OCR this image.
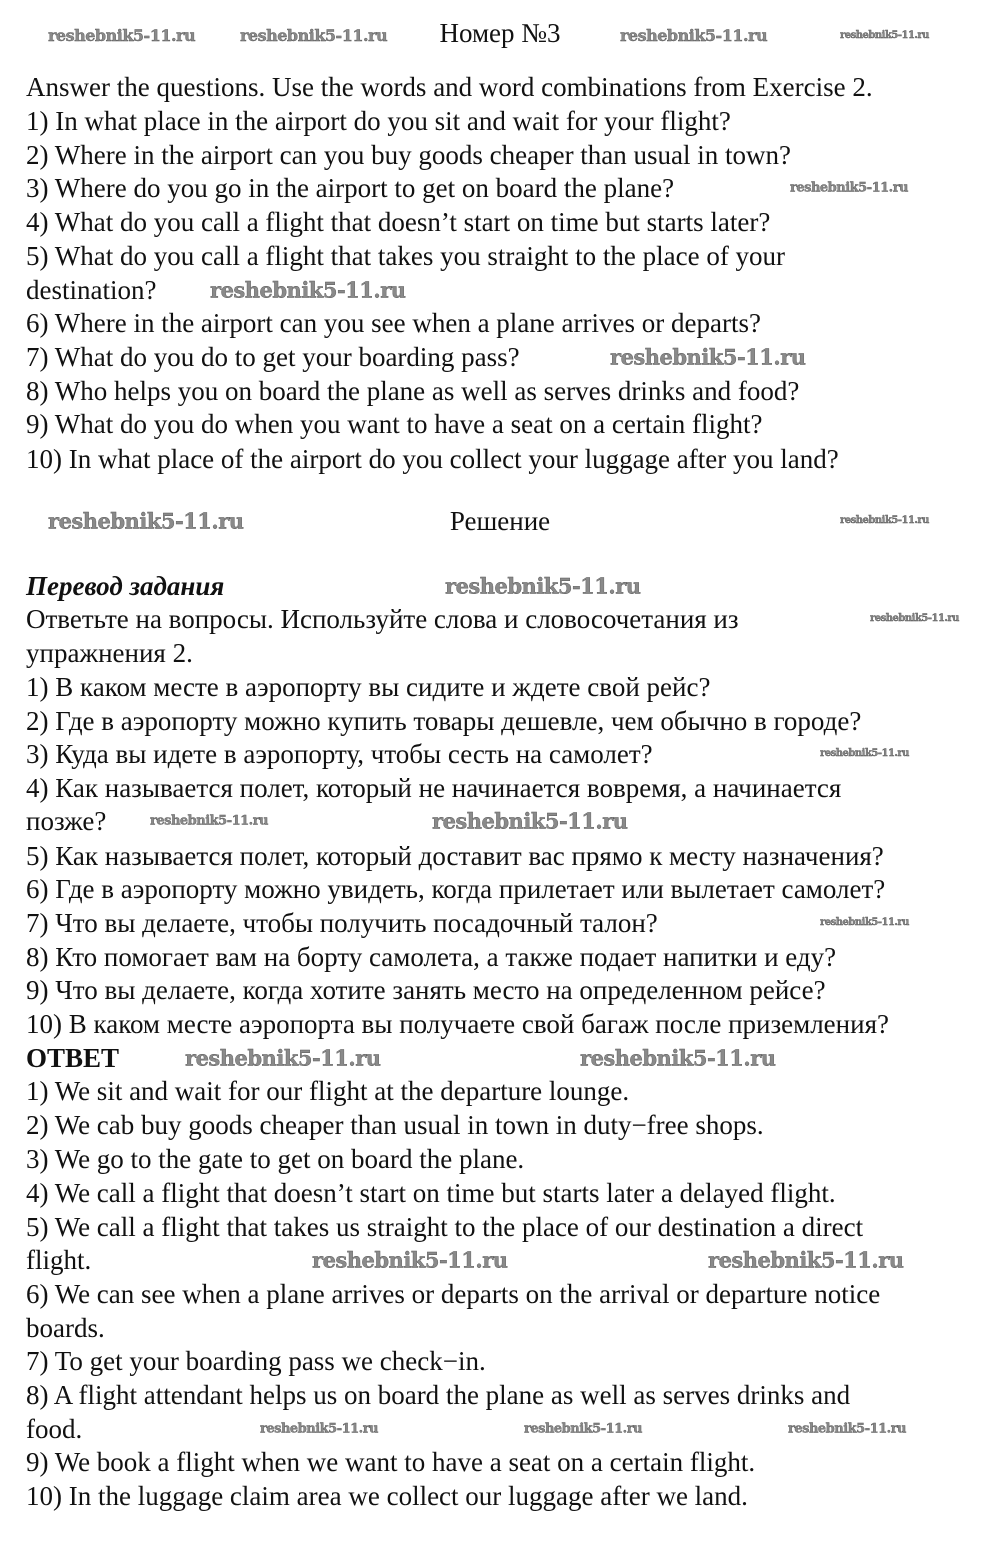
Номер №3
Answer the questions. Use the words and word combinations from Exercise 2.
1) In what place in the airport do you sit and wait for your flight?
2) Where in the airport can you buy goods cheaper than usual in town?
3) Where do you go in the airport to get on board the plane?
4) What do you call a flight that doesn’t start on time but starts later?
5) What do you call a flight that takes you straight to the place of your
destination?
6) Where in the airport can you see when a plane arrives or departs?
7) What do you do to get your boarding pass?
8) Who helps you on board the plane as well as serves drinks and food?
9) What do you do when you want to have a seat on a certain flight?
10) In what place of the airport do you collect your luggage after you land?
Решение
Перевод задания
Ответьте на вопросы. Используйте слова и словосочетания из
упражнения 2.
1) В каком месте в аэропорту вы сидите и ждете свой рейс?
2) Где в аэропорту можно купить товары дешевле, чем обычно в городе?
3) Куда вы идете в аэропорту, чтобы сесть на самолет?
4) Как называется полет, который не начинается вовремя, а начинается
позже?
5) Как называется полет, который доставит вас прямо к месту назначения?
6) Где в аэропорту можно увидеть, когда прилетает или вылетает самолет?
7) Что вы делаете, чтобы получить посадочный талон?
8) Кто помогает вам на борту самолета, а также подает напитки и еду?
9) Что вы делаете, когда хотите занять место на определенном рейсе?
10) В каком месте аэропорта вы получаете свой багаж после приземления?
ОТВЕТ
1) We sit and wait for our flight at the departure lounge.
2) We cab buy goods cheaper than usual in town in duty−free shops.
3) We go to the gate to get on board the plane.
4) We call a flight that doesn’t start on time but starts later a delayed flight.
5) We call a flight that takes us straight to the place of our destination a direct
flight.
6) We can see when a plane arrives or departs on the arrival or departure notice
boards.
7) To get your boarding pass we check−in.
8) A flight attendant helps us on board the plane as well as serves drinks and
food.
9) We book a flight when we want to have a seat on a certain flight.
10) In the luggage claim area we collect our luggage after we land.
reshebnik5-11.ru	reshebnik5-11.ru	reshebnik5-11.ru	reshebnik5-11.ru
reshebnik5-11.ru
reshebnik5-11.ru
reshebnik5-11.ru
reshebnik5-11.ru
reshebnik5-11.ru
reshebnik5-11.ru
reshebnik5-11.ru
reshebnik5-11.ru
reshebnik5-11.ru
reshebnik5-11.ru
reshebnik5-11.ru
reshebnik5-11.ru	reshebnik5-11.ru
reshebnik5-11.ru	reshebnik5-11.ru
reshebnik5-11.ru	reshebnik5-11.ru	reshebnik5-11.ru
